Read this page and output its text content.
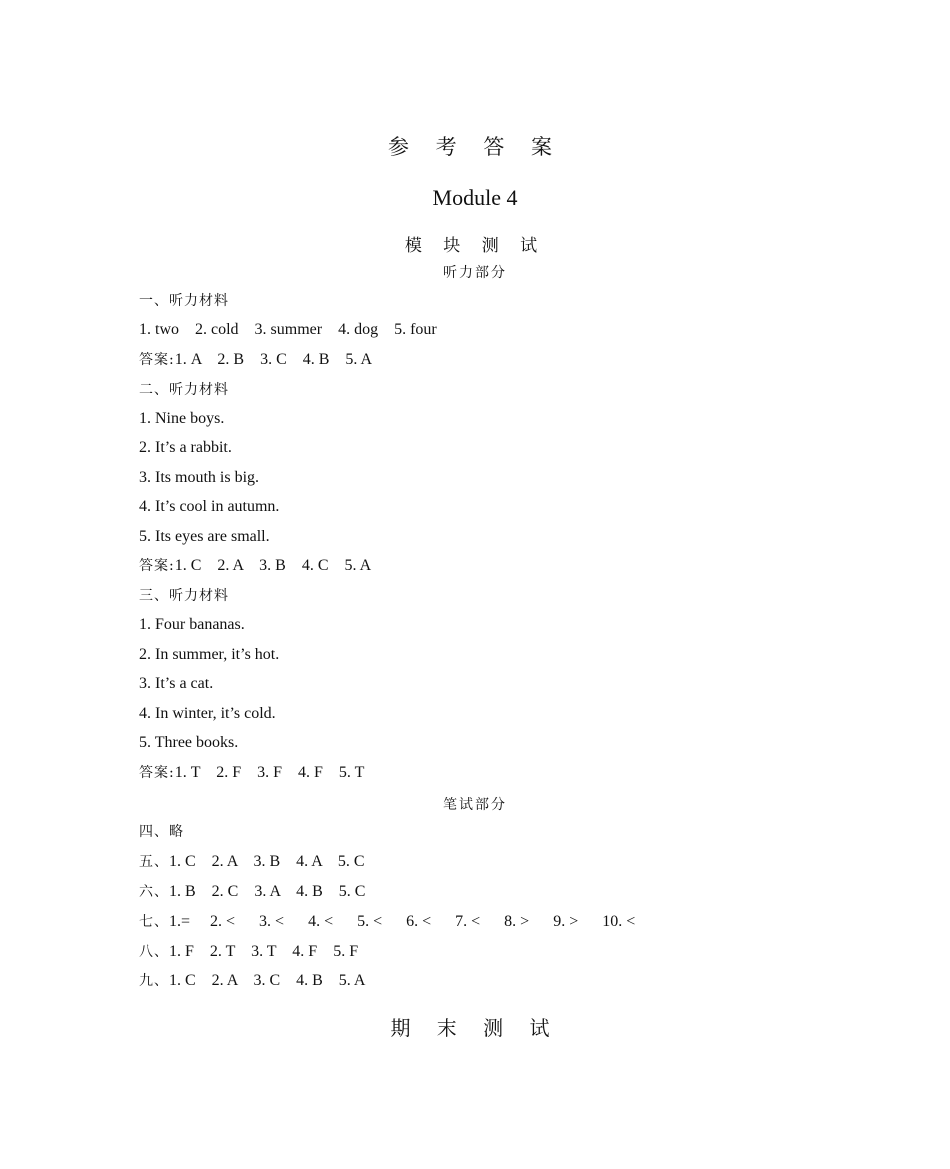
参 考 答 案
Module 4
模 块 测 试
听力部分
一、听力材料
1. two    2. cold    3. summer    4. dog    5. four
答案:1. A    2. B    3. C    4. B    5. A
二、听力材料
1. Nine boys.
2. It’s a rabbit.
3. Its mouth is big.
4. It’s cool in autumn.
5. Its eyes are small.
答案:1. C    2. A    3. B    4. C    5. A
三、听力材料
1. Four bananas.
2. In summer, it’s hot.
3. It’s a cat.
4. In winter, it’s cold.
5. Three books.
答案:1. T    2. F    3. F    4. F    5. T
笔试部分
四、略
五、1. C    2. A    3. B    4. A    5. C
六、1. B    2. C    3. A    4. B    5. C
七、1.=     2. <      3. <      4. <      5. <      6. <      7. <      8. >      9. >      10. <
八、1. F    2. T    3. T    4. F    5. F
九、1. C    2. A    3. C    4. B    5. A
期 末 测 试
